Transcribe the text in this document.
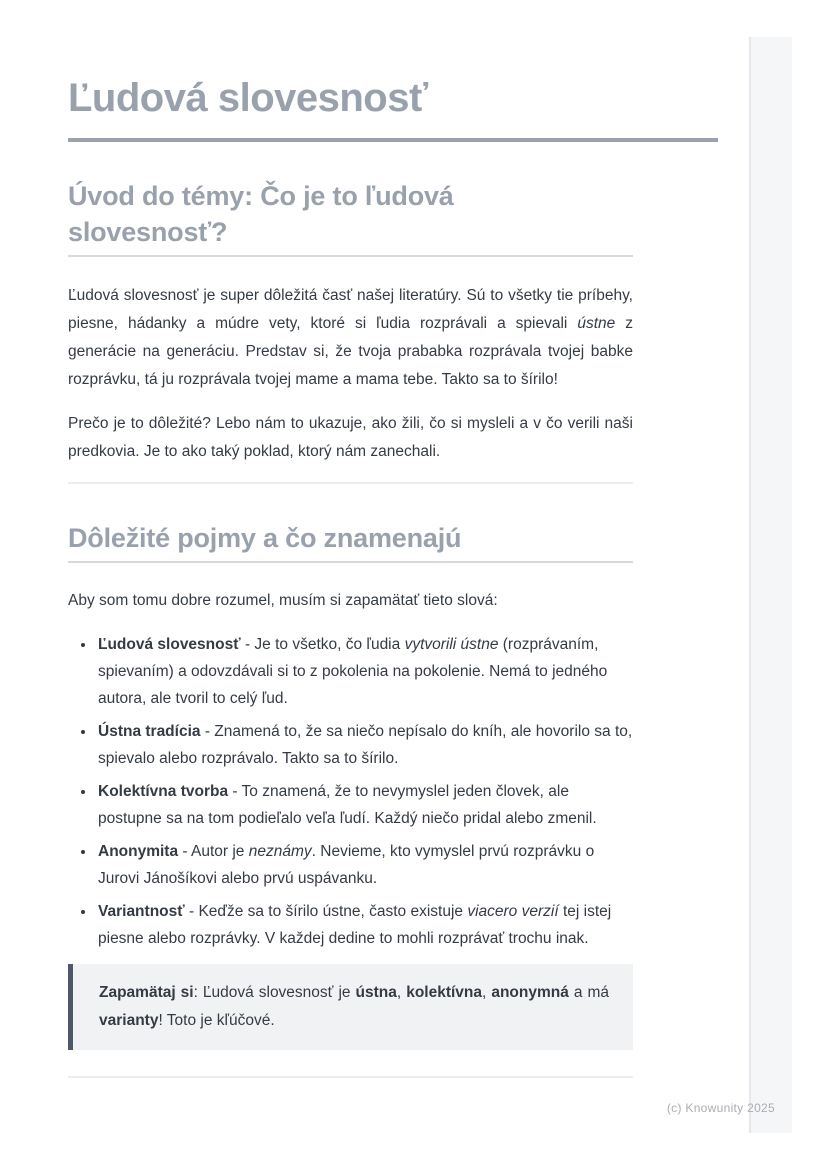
Ľudová slovesnosť
Úvod do témy: Čo je to ľudová slovesnosť?

Ľudová slovesnosť je super dôležitá časť našej literatúry. Sú to všetky tie príbehy, piesne, hádanky a múdre vety, ktoré si ľudia rozprávali a spievali ústne z generácie na generáciu. Predstav si, že tvoja prababka rozprávala tvojej babke rozprávku, tá ju rozprávala tvojej mame a mama tebe. Takto sa to šírilo!

Prečo je to dôležité? Lebo nám to ukazuje, ako žili, čo si mysleli a v čo verili naši predkovia. Je to ako taký poklad, ktorý nám zanechali.

Dôležité pojmy a čo znamenajú

Aby som tomu dobre rozumel, musím si zapamätať tieto slová:

• Ľudová slovesnosť - Je to všetko, čo ľudia vytvorili ústne (rozprávaním, spievaním) a odovzdávali si to z pokolenia na pokolenie. Nemá to jedného autora, ale tvoril to celý ľud.
• Ústna tradícia - Znamená to, že sa niečo nepísalo do kníh, ale hovorilo sa to, spievalo alebo rozprávalo. Takto sa to šírilo.
• Kolektívna tvorba - To znamená, že to nevymyslel jeden človek, ale postupne sa na tom podieľalo veľa ľudí. Každý niečo pridal alebo zmenil.
• Anonymita - Autor je neznámy. Nevieme, kto vymyslel prvú rozprávku o Jurovi Jánošíkovi alebo prvú uspávanku.
• Variantnosť - Keďže sa to šírilo ústne, často existuje viacero verzií tej istej piesne alebo rozprávky. V každej dedine to mohli rozprávať trochu inak.

Zapamätaj si: Ľudová slovesnosť je ústna, kolektívna, anonymná a má varianty! Toto je kľúčové.

(c) Knowunity 2025
